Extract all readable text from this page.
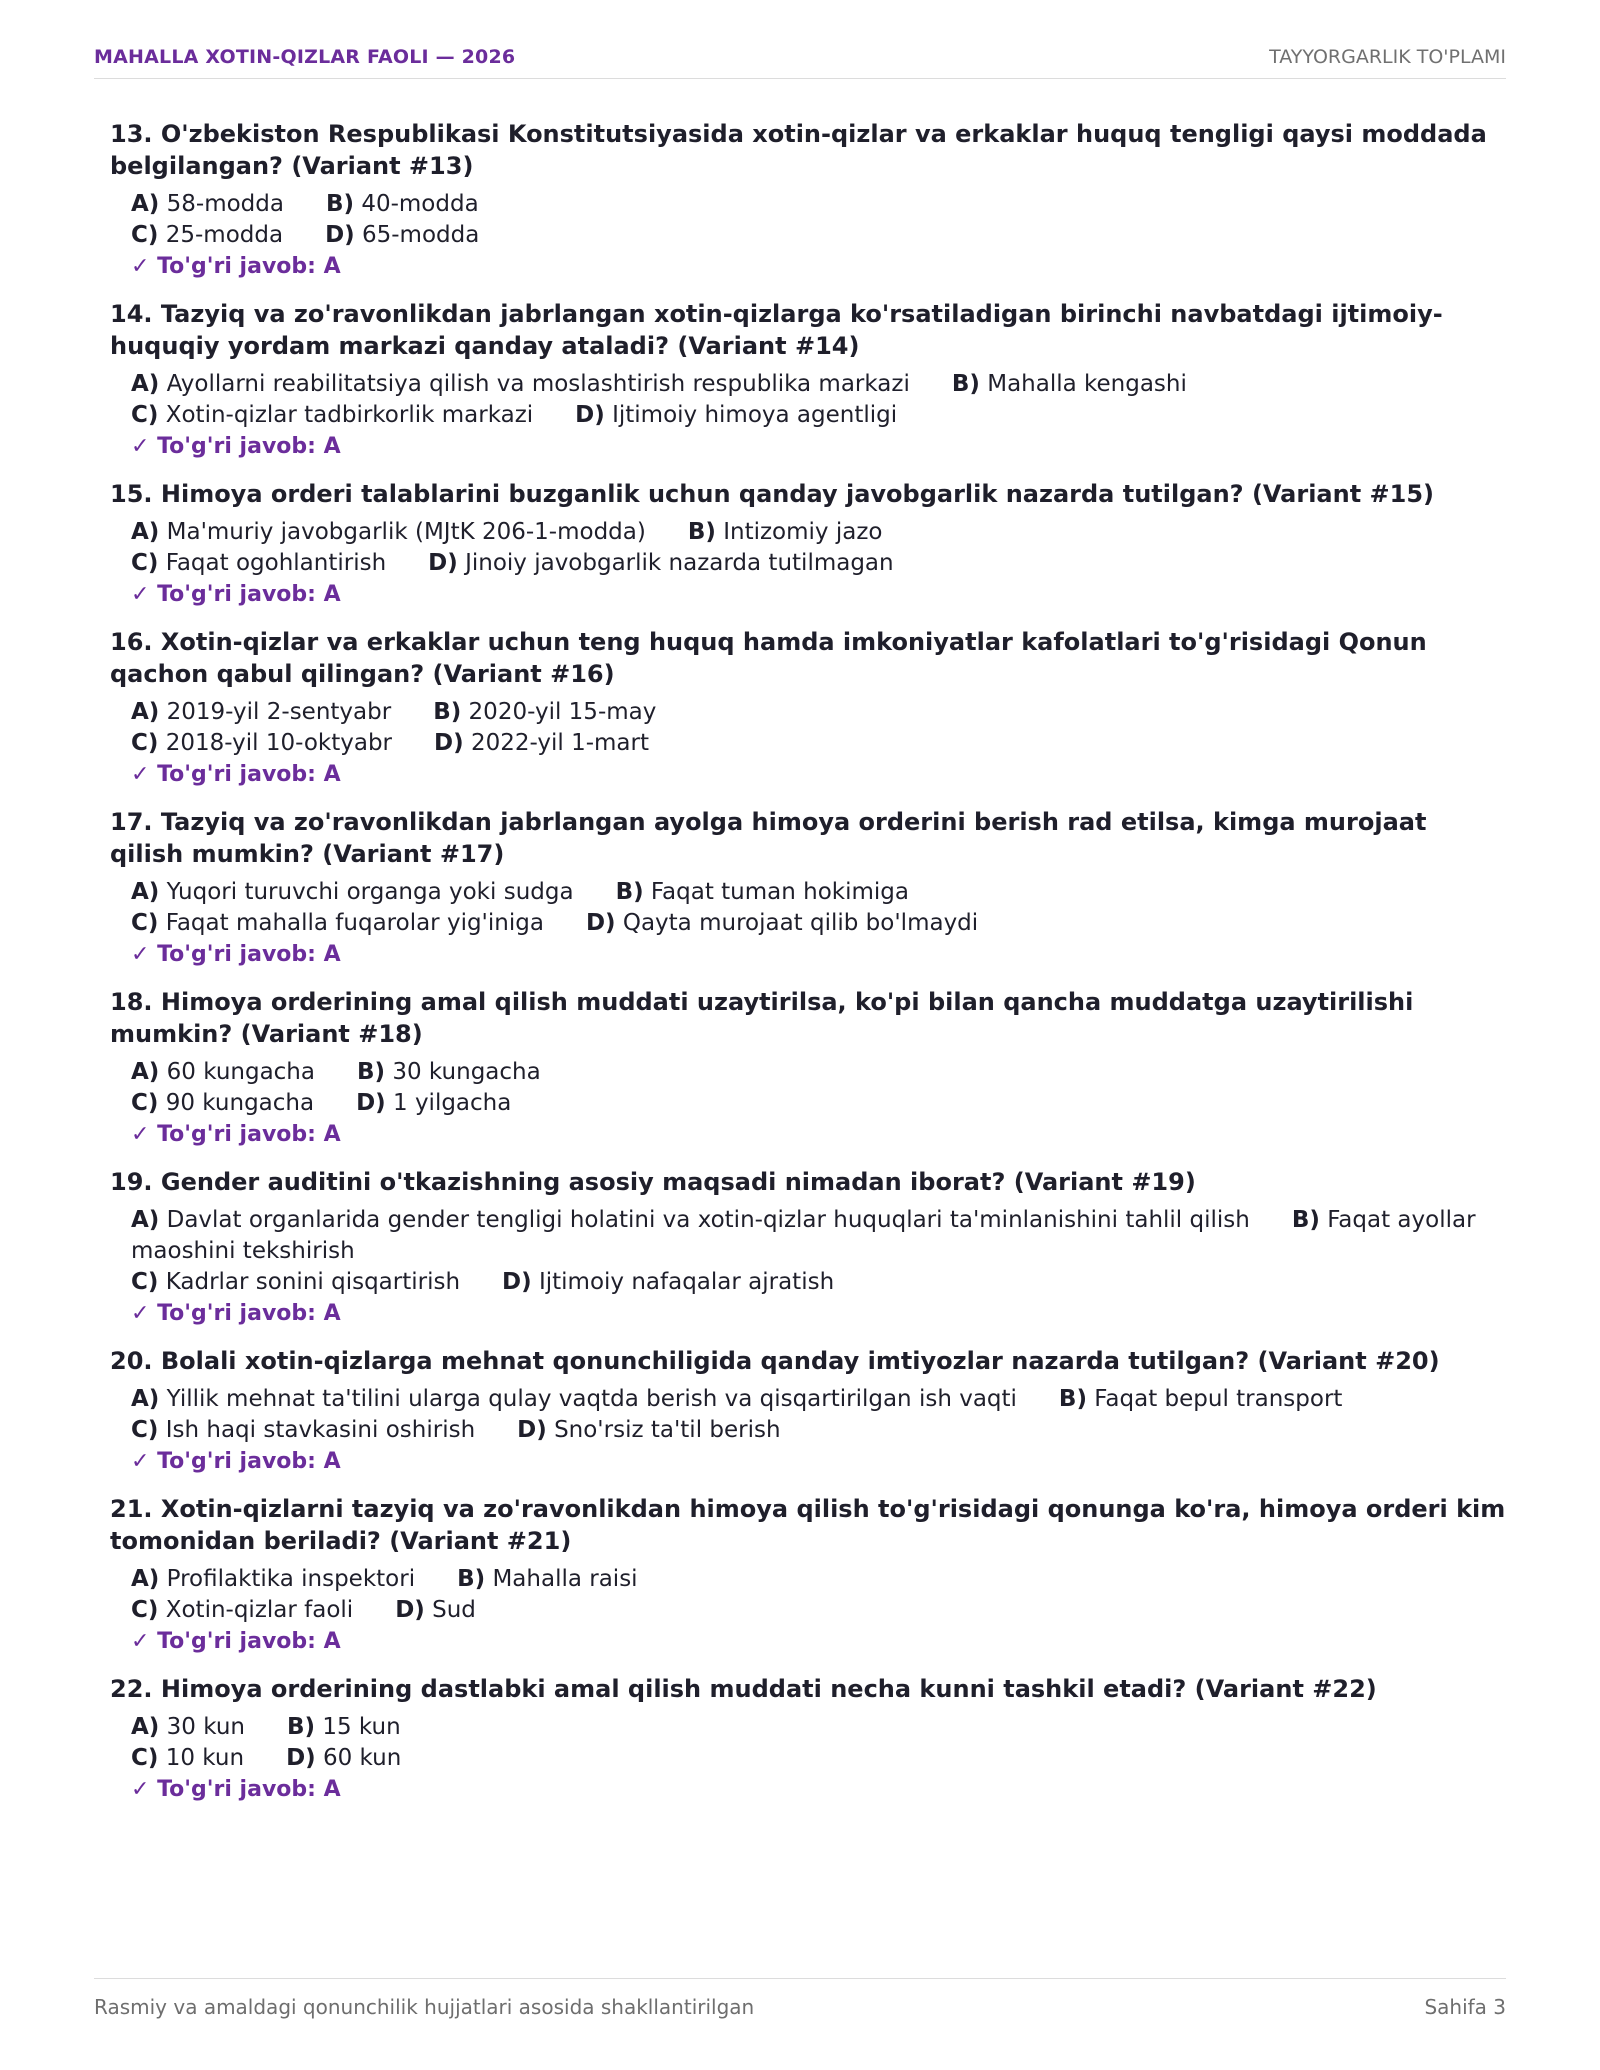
MAHALLA XOTIN-QIZLAR FAOLI — 2026	TAYYORGARLIK TO'PLAMI
13. O'zbekiston Respublikasi Konstitutsiyasida xotin-qizlar va erkaklar huquq tengligi qaysi moddada belgilangan? (Variant #13)
A) 58-modda B) 40-modda
C) 25-modda D) 65-modda
✓ To'g'ri javob: A
14. Tazyiq va zo'ravonlikdan jabrlangan xotin-qizlarga ko'rsatiladigan birinchi navbatdagi ijtimoiy-huquqiy yordam markazi qanday ataladi? (Variant #14)
A) Ayollarni reabilitatsiya qilish va moslashtirish respublika markazi B) Mahalla kengashi
C) Xotin-qizlar tadbirkorlik markazi D) Ijtimoiy himoya agentligi
✓ To'g'ri javob: A
15. Himoya orderi talablarini buzganlik uchun qanday javobgarlik nazarda tutilgan? (Variant #15)
A) Ma'muriy javobgarlik (MJtK 206-1-modda) B) Intizomiy jazo
C) Faqat ogohlantirish D) Jinoiy javobgarlik nazarda tutilmagan
✓ To'g'ri javob: A
16. Xotin-qizlar va erkaklar uchun teng huquq hamda imkoniyatlar kafolatlari to'g'risidagi Qonun qachon qabul qilingan? (Variant #16)
A) 2019-yil 2-sentyabr B) 2020-yil 15-may
C) 2018-yil 10-oktyabr D) 2022-yil 1-mart
✓ To'g'ri javob: A
17. Tazyiq va zo'ravonlikdan jabrlangan ayolga himoya orderini berish rad etilsa, kimga murojaat qilish mumkin? (Variant #17)
A) Yuqori turuvchi organga yoki sudga B) Faqat tuman hokimiga
C) Faqat mahalla fuqarolar yig'iniga D) Qayta murojaat qilib bo'lmaydi
✓ To'g'ri javob: A
18. Himoya orderining amal qilish muddati uzaytirilsa, ko'pi bilan qancha muddatga uzaytirilishi mumkin? (Variant #18)
A) 60 kungacha B) 30 kungacha
C) 90 kungacha D) 1 yilgacha
✓ To'g'ri javob: A
19. Gender auditini o'tkazishning asosiy maqsadi nimadan iborat? (Variant #19)
A) Davlat organlarida gender tengligi holatini va xotin-qizlar huquqlari ta'minlanishini tahlil qilish B) Faqat ayollar maoshini tekshirish
C) Kadrlar sonini qisqartirish D) Ijtimoiy nafaqalar ajratish
✓ To'g'ri javob: A
20. Bolali xotin-qizlarga mehnat qonunchiligida qanday imtiyozlar nazarda tutilgan? (Variant #20)
A) Yillik mehnat ta'tilini ularga qulay vaqtda berish va qisqartirilgan ish vaqti B) Faqat bepul transport
C) Ish haqi stavkasini oshirish D) Sno'rsiz ta'til berish
✓ To'g'ri javob: A
21. Xotin-qizlarni tazyiq va zo'ravonlikdan himoya qilish to'g'risidagi qonunga ko'ra, himoya orderi kim tomonidan beriladi? (Variant #21)
A) Profilaktika inspektori B) Mahalla raisi
C) Xotin-qizlar faoli D) Sud
✓ To'g'ri javob: A
22. Himoya orderining dastlabki amal qilish muddati necha kunni tashkil etadi? (Variant #22)
A) 30 kun B) 15 kun
C) 10 kun D) 60 kun
✓ To'g'ri javob: A
Rasmiy va amaldagi qonunchilik hujjatlari asosida shakllantirilgan	Sahifa 3
